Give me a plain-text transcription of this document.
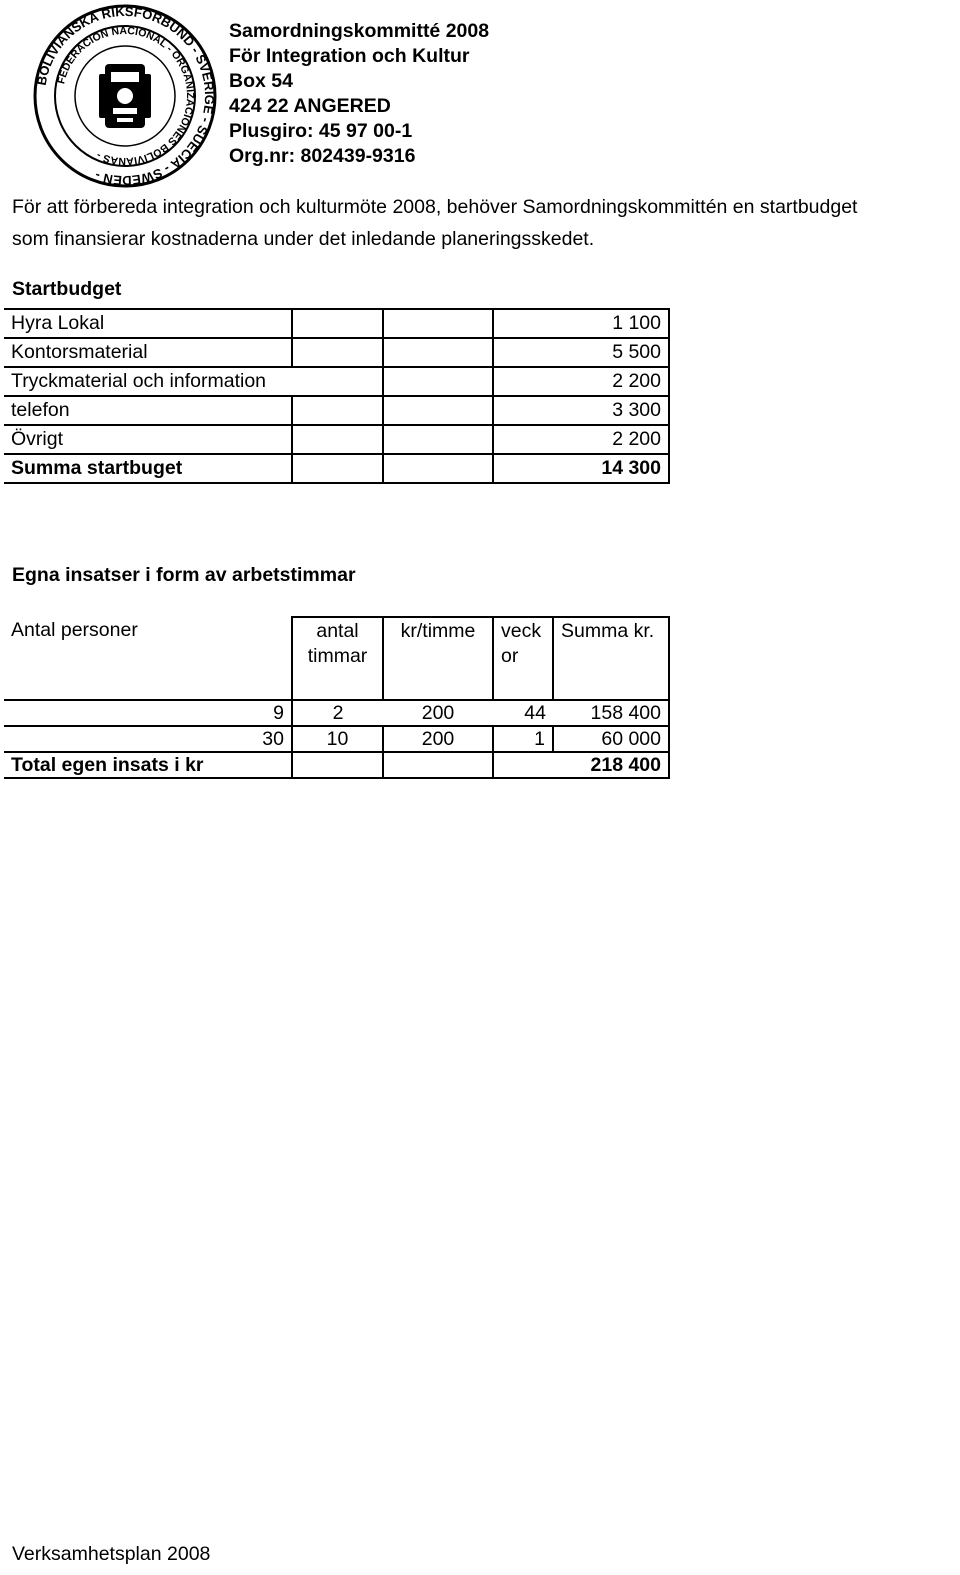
BOLIVIANSKA RIKSFÖRBUND - SVERIGE - SUECIA - SWEDEN -
FEDERACION NACIONAL - ORGANIZACIONES BOLIVIANAS -
Samordningskommitté 2008
För Integration och Kultur
Box 54
424 22 ANGERED
Plusgiro: 45 97 00-1
Org.nr: 802439-9316
För att förbereda integration och kulturmöte 2008, behöver Samordningskommittén en startbudget
som finansierar kostnaderna under det inledande planeringsskedet.
Startbudget
Hyra Lokal			1 100
Kontorsmaterial			5 500
Tryckmaterial och information			2 200
telefon			3 300
Övrigt			2 200
Summa startbuget			14 300
Egna insatser i form av arbetstimmar
Antal personer	antal timmar	kr/timme	veck or	Summa kr.
9	2	200	44	158 400
30	10	200	1	60 000
Total egen insats i kr			218 400	
Verksamhetsplan 2008
